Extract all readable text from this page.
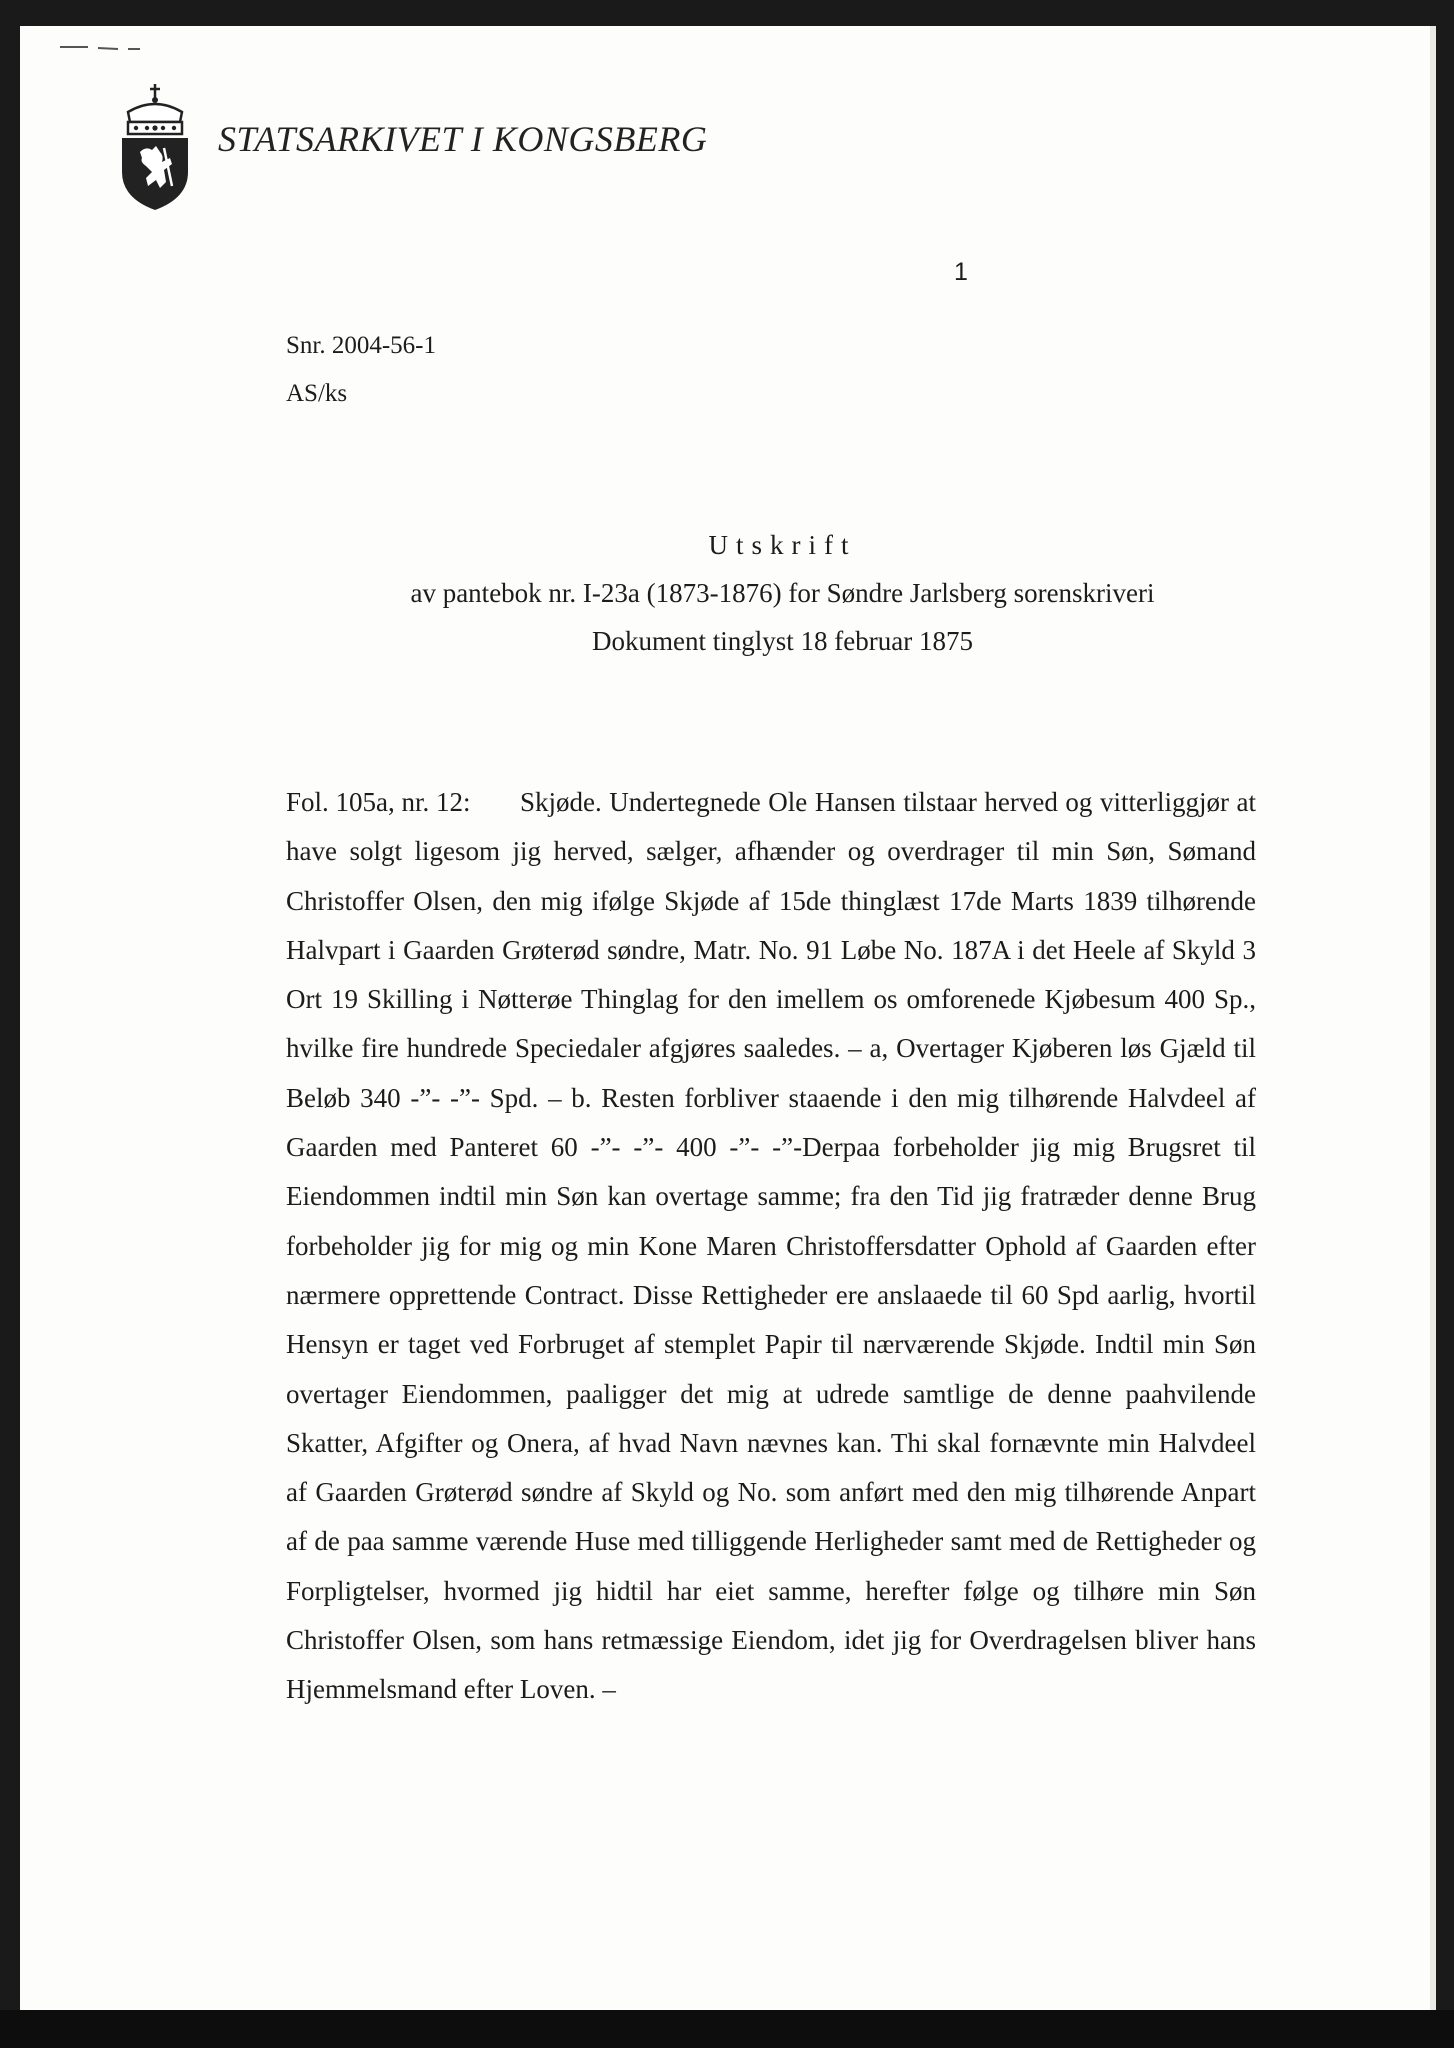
STATSARKIVET I KONGSBERG
1
Snr. 2004-56-1
AS/ks
Utskrift
av pantebok nr. I-23a (1873-1876) for Søndre Jarlsberg sorenskriveri
Dokument tinglyst 18 februar 1875
Fol. 105a, nr. 12: Skjøde. Undertegnede Ole Hansen tilstaar herved og vitterliggjør at have solgt ligesom jig herved, sælger, afhænder og overdrager til min Søn, Sømand Christoffer Olsen, den mig ifølge Skjøde af 15de thinglæst 17de Marts 1839 tilhørende Halvpart i Gaarden Grøterød søndre, Matr. No. 91 Løbe No. 187A i det Heele af Skyld 3 Ort 19 Skilling i Nøtterøe Thinglag for den imellem os omforenede Kjøbesum 400 Sp., hvilke fire hundrede Speciedaler afgjøres saaledes. – a, Overtager Kjøberen løs Gjæld til Beløb 340 -”- -”- Spd. – b. Resten forbliver staaende i den mig tilhørende Halvdeel af Gaarden med Panteret 60 -”- -”- 400 -”- -”-Derpaa forbeholder jig mig Brugsret til Eiendommen indtil min Søn kan overtage samme; fra den Tid jig fratræder denne Brug forbeholder jig for mig og min Kone Maren Christoffersdatter Ophold af Gaarden efter nærmere opprettende Contract. Disse Rettigheder ere anslaaede til 60 Spd aarlig, hvortil Hensyn er taget ved Forbruget af stemplet Papir til nærværende Skjøde. Indtil min Søn overtager Eiendommen, paaligger det mig at udrede samtlige de denne paahvilende Skatter, Afgifter og Onera, af hvad Navn nævnes kan. Thi skal fornævnte min Halvdeel af Gaarden Grøterød søndre af Skyld og No. som anført med den mig tilhørende Anpart af de paa samme værende Huse med tilliggende Herligheder samt med de Rettigheder og Forpligtelser, hvormed jig hidtil har eiet samme, herefter følge og tilhøre min Søn Christoffer Olsen, som hans retmæssige Eiendom, idet jig for Overdragelsen bliver hans Hjemmelsmand efter Loven. –
